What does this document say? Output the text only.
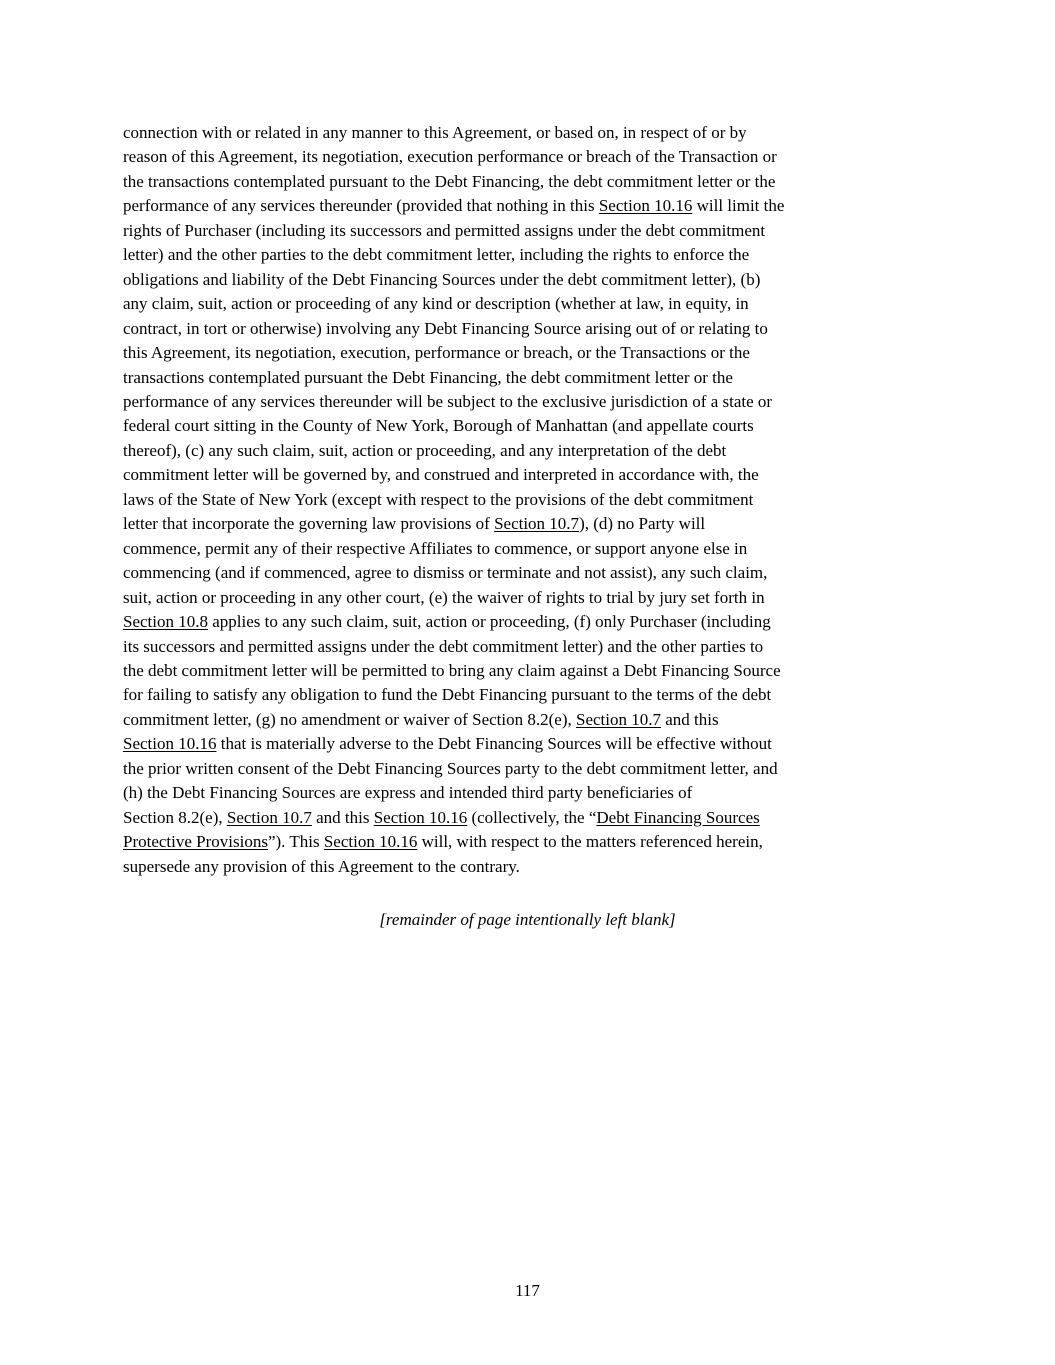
connection with or related in any manner to this Agreement, or based on, in respect of or by
reason of this Agreement, its negotiation, execution performance or breach of the Transaction or
the transactions contemplated pursuant to the Debt Financing, the debt commitment letter or the
performance of any services thereunder (provided that nothing in this Section 10.16 will limit the
rights of Purchaser (including its successors and permitted assigns under the debt commitment
letter) and the other parties to the debt commitment letter, including the rights to enforce the
obligations and liability of the Debt Financing Sources under the debt commitment letter), (b)
any claim, suit, action or proceeding of any kind or description (whether at law, in equity, in
contract, in tort or otherwise) involving any Debt Financing Source arising out of or relating to
this Agreement, its negotiation, execution, performance or breach, or the Transactions or the
transactions contemplated pursuant the Debt Financing, the debt commitment letter or the
performance of any services thereunder will be subject to the exclusive jurisdiction of a state or
federal court sitting in the County of New York, Borough of Manhattan (and appellate courts
thereof), (c) any such claim, suit, action or proceeding, and any interpretation of the debt
commitment letter will be governed by, and construed and interpreted in accordance with, the
laws of the State of New York (except with respect to the provisions of the debt commitment
letter that incorporate the governing law provisions of Section 10.7), (d) no Party will
commence, permit any of their respective Affiliates to commence, or support anyone else in
commencing (and if commenced, agree to dismiss or terminate and not assist), any such claim,
suit, action or proceeding in any other court, (e) the waiver of rights to trial by jury set forth in
Section 10.8 applies to any such claim, suit, action or proceeding, (f) only Purchaser (including
its successors and permitted assigns under the debt commitment letter) and the other parties to
the debt commitment letter will be permitted to bring any claim against a Debt Financing Source
for failing to satisfy any obligation to fund the Debt Financing pursuant to the terms of the debt
commitment letter, (g) no amendment or waiver of Section 8.2(e), Section 10.7 and this
Section 10.16 that is materially adverse to the Debt Financing Sources will be effective without
the prior written consent of the Debt Financing Sources party to the debt commitment letter, and
(h) the Debt Financing Sources are express and intended third party beneficiaries of
Section 8.2(e), Section 10.7 and this Section 10.16 (collectively, the “Debt Financing Sources
Protective Provisions”). This Section 10.16 will, with respect to the matters referenced herein,
supersede any provision of this Agreement to the contrary.
[remainder of page intentionally left blank]
117
